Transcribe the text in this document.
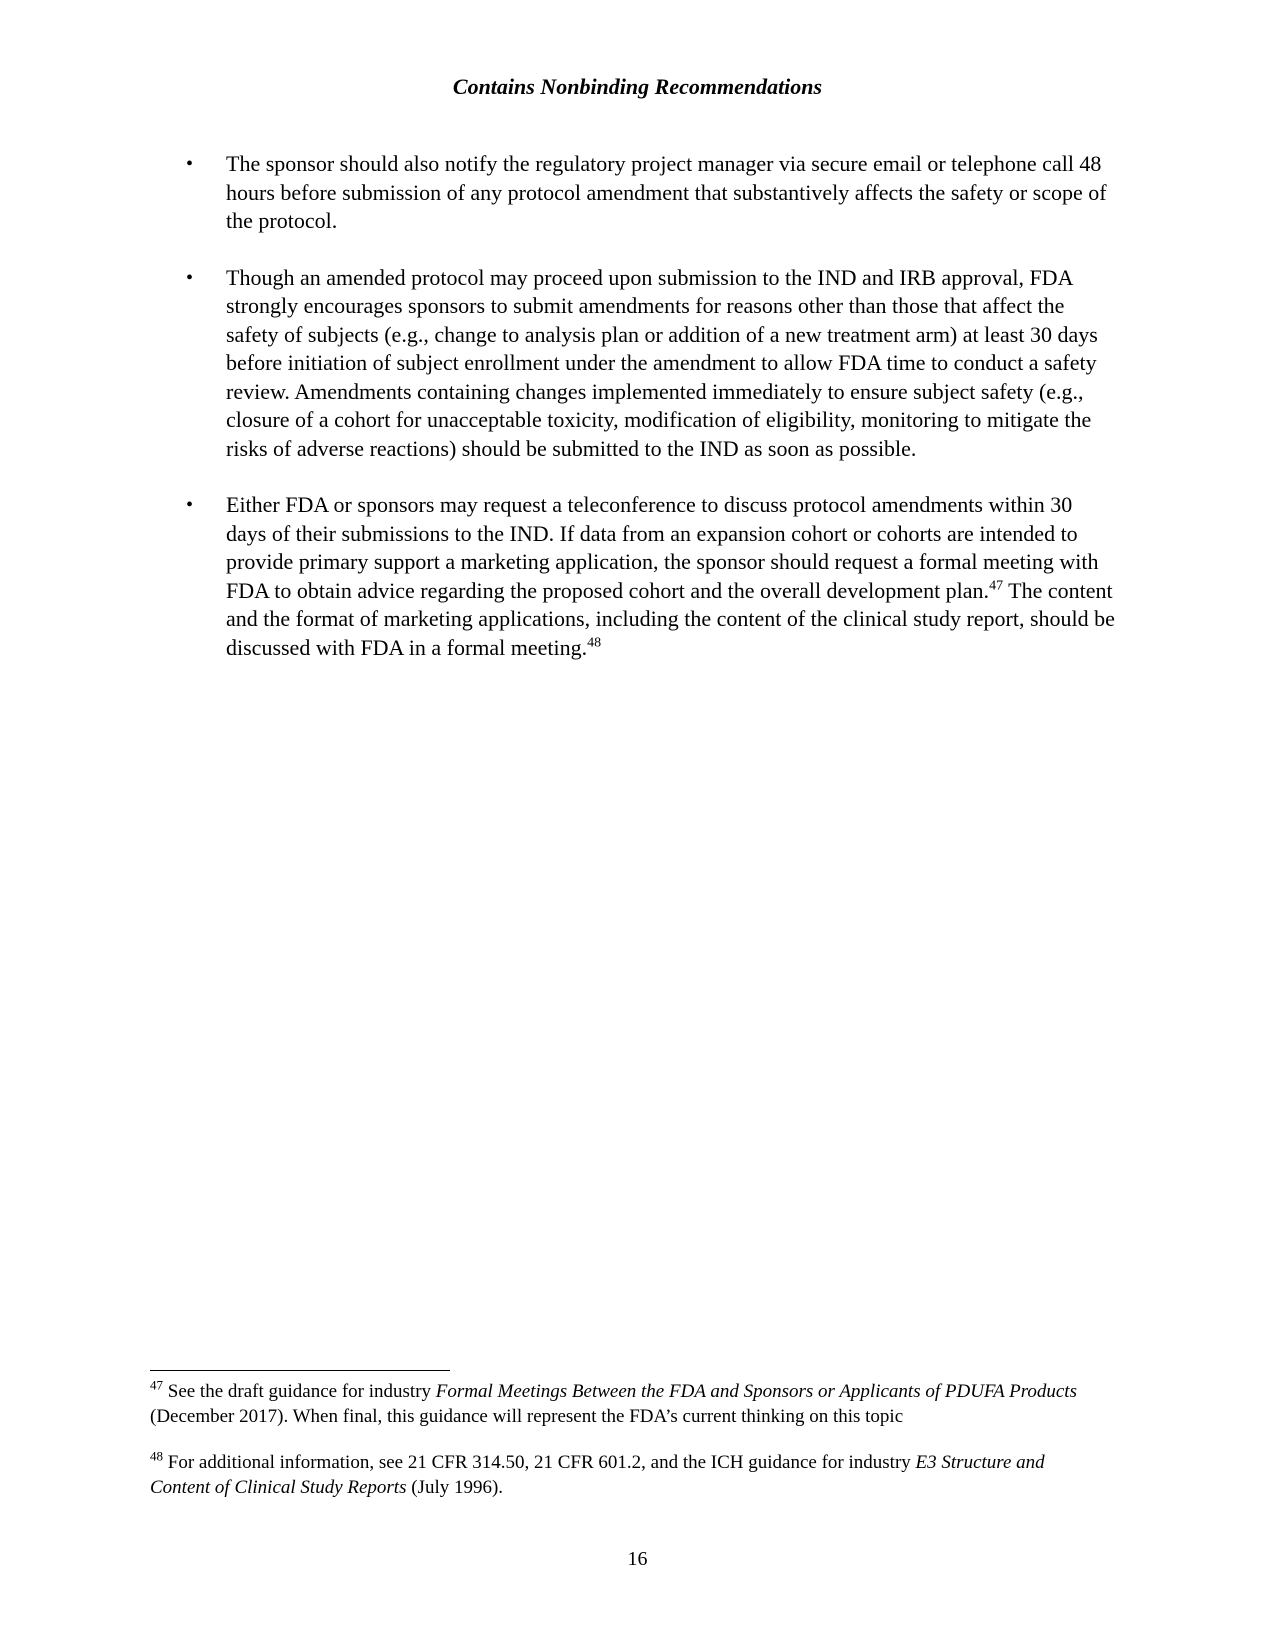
Contains Nonbinding Recommendations
• The sponsor should also notify the regulatory project manager via secure email or telephone call 48 hours before submission of any protocol amendment that substantively affects the safety or scope of the protocol.
• Though an amended protocol may proceed upon submission to the IND and IRB approval, FDA strongly encourages sponsors to submit amendments for reasons other than those that affect the safety of subjects (e.g., change to analysis plan or addition of a new treatment arm) at least 30 days before initiation of subject enrollment under the amendment to allow FDA time to conduct a safety review. Amendments containing changes implemented immediately to ensure subject safety (e.g., closure of a cohort for unacceptable toxicity, modification of eligibility, monitoring to mitigate the risks of adverse reactions) should be submitted to the IND as soon as possible.
• Either FDA or sponsors may request a teleconference to discuss protocol amendments within 30 days of their submissions to the IND. If data from an expansion cohort or cohorts are intended to provide primary support a marketing application, the sponsor should request a formal meeting with FDA to obtain advice regarding the proposed cohort and the overall development plan.$^{47}$ The content and the format of marketing applications, including the content of the clinical study report, should be discussed with FDA in a formal meeting.$^{48}$

$^{47}$ See the draft guidance for industry Formal Meetings Between the FDA and Sponsors or Applicants of PDUFA Products (December 2017). When final, this guidance will represent the FDA’s current thinking on this topic

$^{48}$ For additional information, see 21 CFR 314.50, 21 CFR 601.2, and the ICH guidance for industry E3 Structure and Content of Clinical Study Reports (July 1996).

16
